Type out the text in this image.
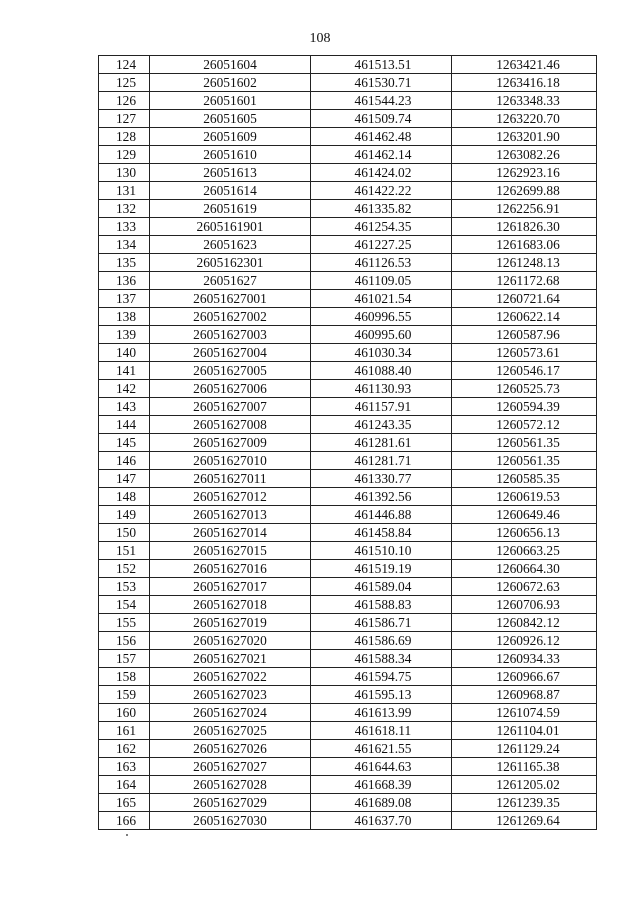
108
124	26051604	461513.51	1263421.46
125	26051602	461530.71	1263416.18
126	26051601	461544.23	1263348.33
127	26051605	461509.74	1263220.70
128	26051609	461462.48	1263201.90
129	26051610	461462.14	1263082.26
130	26051613	461424.02	1262923.16
131	26051614	461422.22	1262699.88
132	26051619	461335.82	1262256.91
133	2605161901	461254.35	1261826.30
134	26051623	461227.25	1261683.06
135	2605162301	461126.53	1261248.13
136	26051627	461109.05	1261172.68
137	26051627001	461021.54	1260721.64
138	26051627002	460996.55	1260622.14
139	26051627003	460995.60	1260587.96
140	26051627004	461030.34	1260573.61
141	26051627005	461088.40	1260546.17
142	26051627006	461130.93	1260525.73
143	26051627007	461157.91	1260594.39
144	26051627008	461243.35	1260572.12
145	26051627009	461281.61	1260561.35
146	26051627010	461281.71	1260561.35
147	26051627011	461330.77	1260585.35
148	26051627012	461392.56	1260619.53
149	26051627013	461446.88	1260649.46
150	26051627014	461458.84	1260656.13
151	26051627015	461510.10	1260663.25
152	26051627016	461519.19	1260664.30
153	26051627017	461589.04	1260672.63
154	26051627018	461588.83	1260706.93
155	26051627019	461586.71	1260842.12
156	26051627020	461586.69	1260926.12
157	26051627021	461588.34	1260934.33
158	26051627022	461594.75	1260966.67
159	26051627023	461595.13	1260968.87
160	26051627024	461613.99	1261074.59
161	26051627025	461618.11	1261104.01
162	26051627026	461621.55	1261129.24
163	26051627027	461644.63	1261165.38
164	26051627028	461668.39	1261205.02
165	26051627029	461689.08	1261239.35
166	26051627030	461637.70	1261269.64
